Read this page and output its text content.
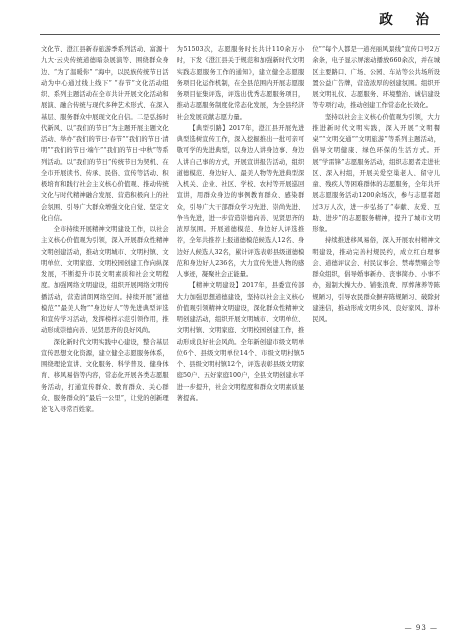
政 治

文化节、澄江县新春旅游季系列活动、富源十九大·云央传统道德暗杂展演等、围绕群众身边、“为了温暖你” “海中，以民族传统节日活动为中心通过线上线下” “春节”文化活动组织、系列主题活动在全市共计开展文化活动和展演、融合传统与现代多种艺术形式、在深入基层、服务群众中展现文化自信。二是弘扬时代新风、以“我们的节日”为主题开展主题文化活动、举办“我们的节日·春节”“我们的节日·清明”“我们的节日·端午”“我们的节日·中秋”等系列活动。以“我们的节日”传统节日为契机、在全市开展读书、传承、民俗、宣传等活动、积极培育和践行社会主义核心价值观、推动传统文化与时代精神融合发展、营造积极向上的社会氛围、引导广大群众增强文化自觉、坚定文化自信。

全市持续开展精神文明建设工作，以社会主义核心价值观为引领，深入开展群众性精神文明创建活动，推动文明城市、文明村镇、文明单位、文明家庭、文明校园创建工作向纵深发展，不断提升市民文明素质和社会文明程度。加强网络文明建设，组织开展网络文明传播活动，营造清朗网络空间。持续开展“道德模范”“最美人物”“身边好人”等先进典型评选和宣传学习活动，发挥榜样示范引领作用，推动形成崇德向善、见贤思齐的良好风尚。

深化新时代文明实践中心建设，整合基层宣传思想文化资源，建立健全志愿服务体系，围绕理论宣讲、文化服务、科学普及、健身体育、移风易俗等内容，常态化开展各类志愿服务活动，打通宣传群众、教育群众、关心群众、服务群众的“最后一公里”，让党的创新理论飞入寻常百姓家。

为51503次，志愿服务时长共计110余万小时，下发《澄江县关于规范和加强新时代文明实践志愿服务工作的通知》，建立健全志愿服务项目化运作机制，在全县范围内开展志愿服务项目征集评选，评选出优秀志愿服务项目，推动志愿服务制度化常态化发展，为全县经济社会发展贡献志愿力量。

【典型引路】2017年，澄江县开展先进典型选树宣传工作，深入挖掘推出一批可亲可敬可学的先进典型，以身边人讲身边事、身边人讲自己事的方式，开展宣讲报告活动，组织道德模范、身边好人、最美人物等先进典型深入机关、企业、社区、学校、农村等开展巡回宣讲，用群众身边的事例教育群众、感染群众，引导广大干部群众学习先进、崇尚先进、争当先进，进一步营造崇德向善、见贤思齐的浓厚氛围。开展道德模范、身边好人评选推荐，全年共推荐上报道德模范候选人12名、身边好人候选人32名，累计评选表彰县级道德模范和身边好人236名，大力宣传先进人物的感人事迹，凝聚社会正能量。

【精神文明建设】2017年，县委宣传部大力加强思想道德建设，坚持以社会主义核心价值观引领精神文明建设，深化群众性精神文明创建活动，组织开展文明城市、文明单位、文明村镇、文明家庭、文明校园创建工作，推动形成良好社会风尚。全年新创建市级文明单位6个、县级文明单位14个、市级文明村镇5个、县级文明村镇12个，评选表彰县级文明家庭50户、五好家庭100户，全县文明创建水平进一步提升，社会文明程度和群众文明素质显著提高。

位”“每个人都是一道亮丽风景线”宣传口号2万余条，电子显示屏滚动播放660余次，并在城区主要路口、广场、公园、车站等公共场所设置公益广告牌，营造浓厚的创建氛围。组织开展文明礼仪、志愿服务、环境整治、诚信建设等专项行动，推动创建工作常态化长效化。

坚持以社会主义核心价值观为引领，大力推进新时代文明实践，深入开展“文明餐桌”“文明交通”“文明旅游”等系列主题活动，倡导文明健康、绿色环保的生活方式。开展“学雷锋”志愿服务活动，组织志愿者走进社区、深入村组，开展关爱空巢老人、留守儿童、残疾人等困难群体的志愿服务，全年共开展志愿服务活动1200余场次，参与志愿者超过3万人次，进一步弘扬了“奉献、友爱、互助、进步”的志愿服务精神，提升了城市文明形象。

持续推进移风易俗，深入开展农村精神文明建设，推动完善村规民约，成立红白理事会、道德评议会、村民议事会、禁毒禁赌会等群众组织，倡导婚事新办、丧事简办、小事不办，遏制大操大办、铺张浪费、厚葬薄养等陈规陋习，引导农民群众摒弃陈规陋习、破除封建迷信，推动形成文明乡风、良好家风、淳朴民风。

— 93 —
